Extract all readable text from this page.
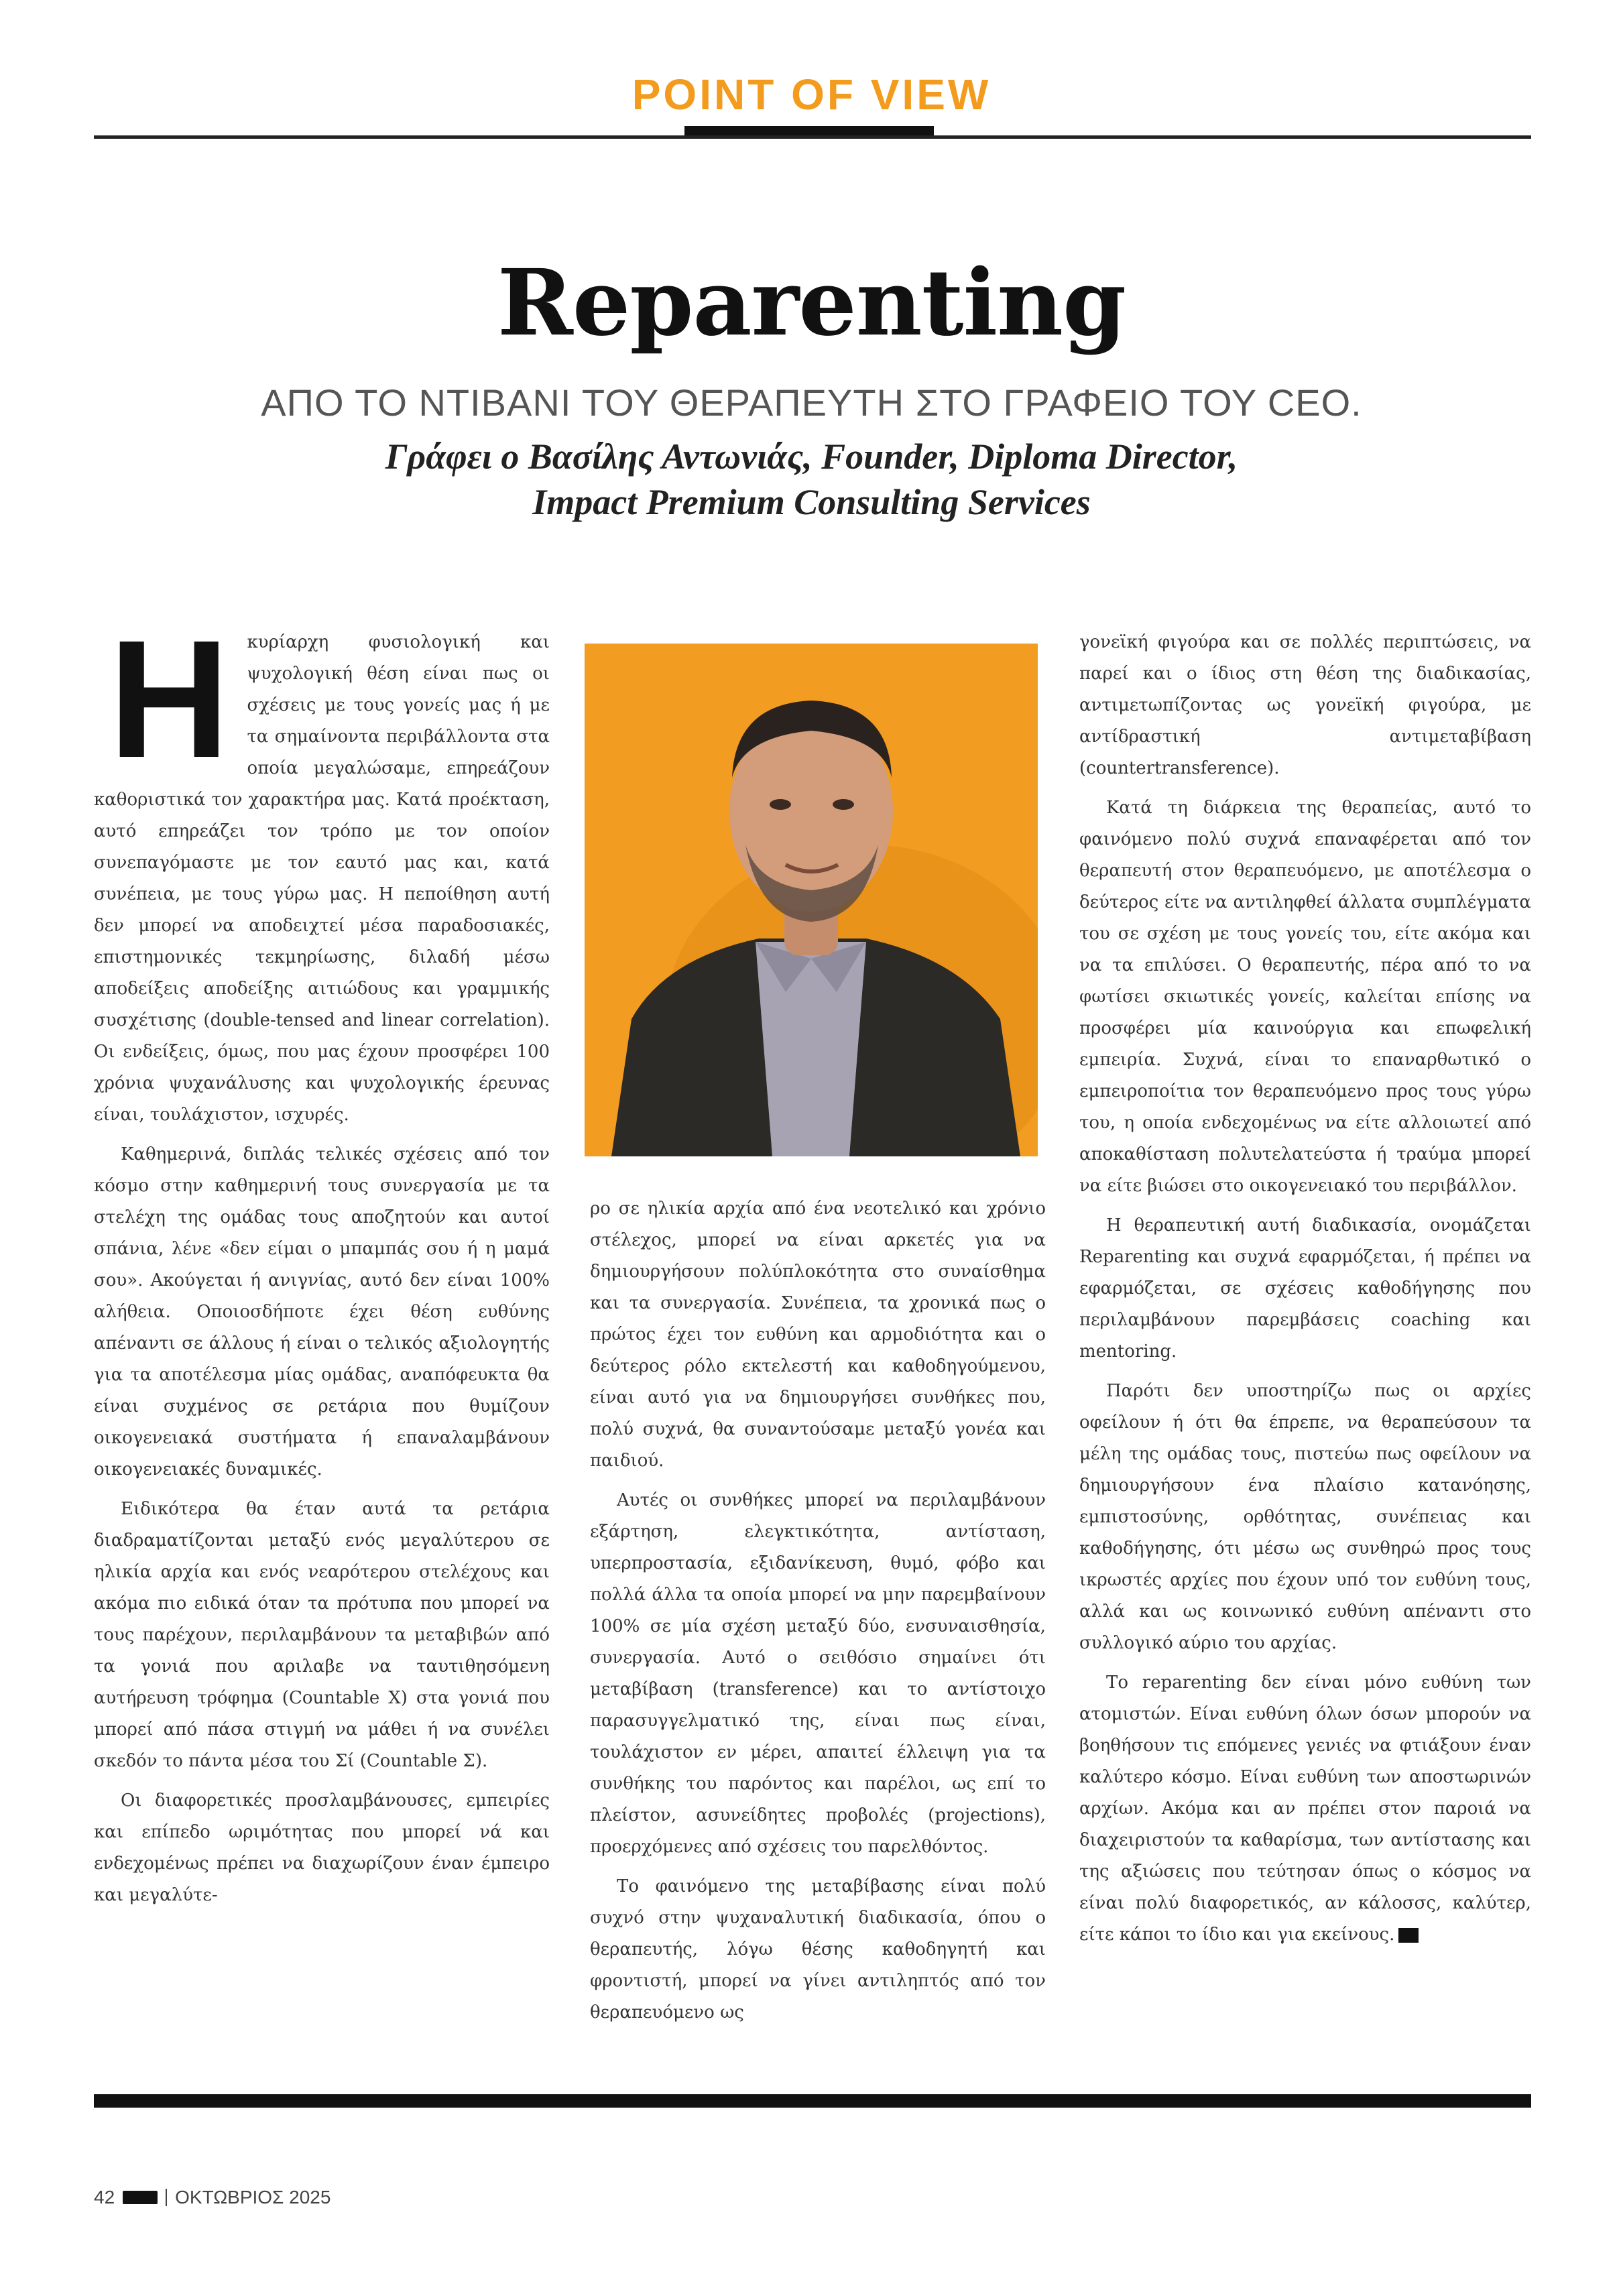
POINT OF VIEW
Reparenting
ΑΠΟ ΤΟ ΝΤΙΒΑΝΙ ΤΟΥ ΘΕΡΑΠΕΥΤΗ ΣΤΟ ΓΡΑΦΕΙΟ ΤΟΥ CEO.
Γράφει ο Βασίλης Αντωνιάς, Founder, Diploma Director,
Impact Premium Consulting Services
Η	κυρίαρχη φυσιολογική και ψυχολογική θέση είναι πως οι σχέσεις με τους γονείς μας ή με τα σημαίνοντα περιβάλλοντα στα οποία μεγαλώσαμε, επηρεάζουν καθοριστικά τον χαρακτήρα μας. Κατά προέκταση, αυτό επηρεάζει τον τρόπο με τον οποίον συνεπαγόμαστε με τον εαυτό μας και, κατά συνέπεια, με τους γύρω μας. Η πεποίθηση αυτή δεν μπορεί να αποδειχτεί μέσα παραδοσιακές, επιστημονικές τεκμηρίωσης, διλαδή μέσω αποδείξεις αποδείξης αιτιώδους και γραμμικής συσχέτισης (double-tensed and linear correlation). Οι ενδείξεις, όμως, που μας έχουν προσφέρει 100 χρόνια ψυχανάλυσης και ψυχολογικής έρευνας είναι, τουλάχιστον, ισχυρές.

Καθημερινά, διπλάς τελικές σχέσεις από τον κόσμο στην καθημερινή τους συνεργασία με τα στελέχη της ομάδας τους αποζητούν και αυτοί σπάνια, λένε «δεν είμαι ο μπαμπάς σου ή η μαμά σου». Ακούγεται ή ανιγνίας, αυτό δεν είναι 100% αλήθεια. Οποιοσδήποτε έχει θέση ευθύνης απέναντι σε άλλους ή είναι ο τελικός αξιολογητής για τα αποτέλεσμα μίας ομάδας, αναπόφευκτα θα είναι συχμένος σε ρετάρια που θυμίζουν οικογενειακά συστήματα ή επαναλαμβάνουν οικογενειακές δυναμικές.

Ειδικότερα θα έταν αυτά τα ρετάρια διαδραματίζονται μεταξύ ενός μεγαλύτερου σε ηλικία αρχία και ενός νεαρότερου στελέχους και ακόμα πιο ειδικά όταν τα πρότυπα που μπορεί να τους παρέχουν, περιλαμβάνουν τα μεταβιβών από τα γονιά που αριλαβε να ταυτιθησόμενη αυτήρευση τρόφημα (Countable X) στα γονιά που μπορεί από πάσα στιγμή να μάθει ή να συνέλει σκεδόν το πάντα μέσα του Σί (Countable Σ).

Οι διαφορετικές προσλαμβάνουσες, εμπειρίες και επίπεδο ωριμότητας που μπορεί νά και ενδεχομένως πρέπει να διαχωρίζουν έναν έμπειρο και μεγαλύτε-

ρο σε ηλικία αρχία από ένα νεοτελικό και χρόνιο στέλεχος, μπορεί να είναι αρκετές για να δημιουργήσουν πολύπλοκότητα στο συναίσθημα και τα συνεργασία. Συνέπεια, τα χρονικά πως ο πρώτος έχει τον ευθύνη και αρμοδιότητα και ο δεύτερος ρόλο εκτελεστή και καθοδηγούμενου, είναι αυτό για να δημιουργήσει συνθήκες που, πολύ συχνά, θα συναντούσαμε μεταξύ γονέα και παιδιού.

Αυτές οι συνθήκες μπορεί να περιλαμβάνουν εξάρτηση, ελεγκτικότητα, αντίσταση, υπερπροστασία, εξιδανίκευση, θυμό, φόβο και πολλά άλλα τα οποία μπορεί να μην παρεμβαίνουν 100% σε μία σχέση μεταξύ δύο, ενσυναισθησία, συνεργασία. Αυτό ο σειθόσιο σημαίνει ότι μεταβίβαση (transference) και το αντίστοιχο παρασυγγελματικό της, είναι πως είναι, τουλάχιστον εν μέρει, απαιτεί έλλειψη για τα συνθήκης του παρόντος και παρέλοι, ως επί το πλείστον, ασυνείδητες προβολές (projections), προερχόμενες από σχέσεις του παρελθόντος.

Το φαινόμενο της μεταβίβασης είναι πολύ συχνό στην ψυχαναλυτική διαδικασία, όπου ο θεραπευτής, λόγω θέσης καθοδηγητή και φροντιστή, μπορεί να γίνει αντιληπτός από τον θεραπευόμενο ως

γονεϊκή φιγούρα και σε πολλές περιπτώσεις, να παρεί και ο ίδιος στη θέση της διαδικασίας, αντιμετωπίζοντας ως γονεϊκή φιγούρα, με αντίδραστική αντιμεταβίβαση (countertransference).

Κατά τη διάρκεια της θεραπείας, αυτό το φαινόμενο πολύ συχνά επαναφέρεται από τον θεραπευτή στον θεραπευόμενο, με αποτέλεσμα ο δεύτερος είτε να αντιληφθεί άλλατα συμπλέγματα του σε σχέση με τους γονείς του, είτε ακόμα και να τα επιλύσει. Ο θεραπευτής, πέρα από το να φωτίσει σκιωτικές γονείς, καλείται επίσης να προσφέρει μία καινούργια και επωφελική εμπειρία. Συχνά, είναι το επαναρθωτικό ο εμπειροποίτια τον θεραπευόμενο προς τους γύρω του, η οποία ενδεχομένως να είτε αλλοιωτεί από αποκαθίσταση πολυτελατεύστα ή τραύμα μπορεί να είτε βιώσει στο οικογενειακό του περιβάλλον.

Η θεραπευτική αυτή διαδικασία, ονομάζεται Reparenting και συχνά εφαρμόζεται, ή πρέπει να εφαρμόζεται, σε σχέσεις καθοδήγησης που περιλαμβάνουν παρεμβάσεις coaching και mentoring.

Παρότι δεν υποστηρίζω πως οι αρχίες οφείλουν ή ότι θα έπρεπε, να θεραπεύσουν τα μέλη της ομάδας τους, πιστεύω πως οφείλουν να δημιουργήσουν ένα πλαίσιο κατανόησης, εμπιστοσύνης, ορθότητας, συνέπειας και καθοδήγησης, ότι μέσω ως συνθηρώ προς τους ικρωστές αρχίες που έχουν υπό τον ευθύνη τους, αλλά και ως κοινωνικό ευθύνη απέναντι στο συλλογικό αύριο του αρχίας.

Το reparenting δεν είναι μόνο ευθύνη των ατομιστών. Είναι ευθύνη όλων όσων μπορούν να βοηθήσουν τις επόμενες γενιές να φτιάξουν έναν καλύτερο κόσμο. Είναι ευθύνη των αποστωρινών αρχίων. Ακόμα και αν πρέπει στον παροιά να διαχειριστούν τα καθαρίσμα, των αντίστασης και της αξιώσεις που τεύτησαν όπως ο κόσμος να είναι πολύ διαφορετικός, αν κάλοσσς, καλύτερ, είτε κάποι το ίδιο και για εκείνους.

42	ΟΚΤΩΒΡΙΟΣ 2025
